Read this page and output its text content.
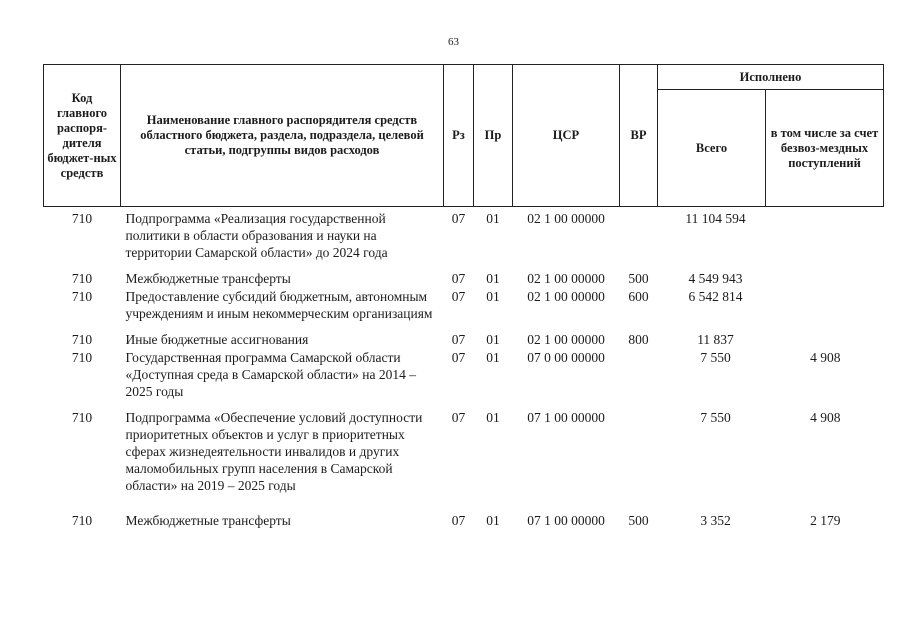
63
Код главного распоря-дителя бюджет-ных средств	Наименование главного распорядителя средств областного бюджета, раздела, подраздела, целевой статьи, подгруппы видов расходов	Рз	Пр	ЦСР	ВР	Исполнено	
						Всего	в том числе за счет безвоз-мездных поступлений
710	Подпрограмма «Реализация государственной политики в области образования и науки на территории Самарской области» до 2024 года	07	01	02 1 00 00000		11 104 594	
710	Межбюджетные трансферты	07	01	02 1 00 00000	500	4 549 943	
710	Предоставление субсидий бюджетным, автономным учреждениям и иным некоммерческим организациям	07	01	02 1 00 00000	600	6 542 814	
710	Иные бюджетные ассигнования	07	01	02 1 00 00000	800	11 837	
710	Государственная программа Самарской области «Доступная среда в Самарской области» на 2014 – 2025 годы	07	01	07 0 00 00000		7 550	4 908
710	Подпрограмма «Обеспечение условий доступности приоритетных объектов и услуг в приоритетных сферах жизнедеятельности инвалидов и других маломобильных групп населения в Самарской области» на 2019 – 2025 годы	07	01	07 1 00 00000		7 550	4 908
710	Межбюджетные трансферты	07	01	07 1 00 00000	500	3 352	2 179
